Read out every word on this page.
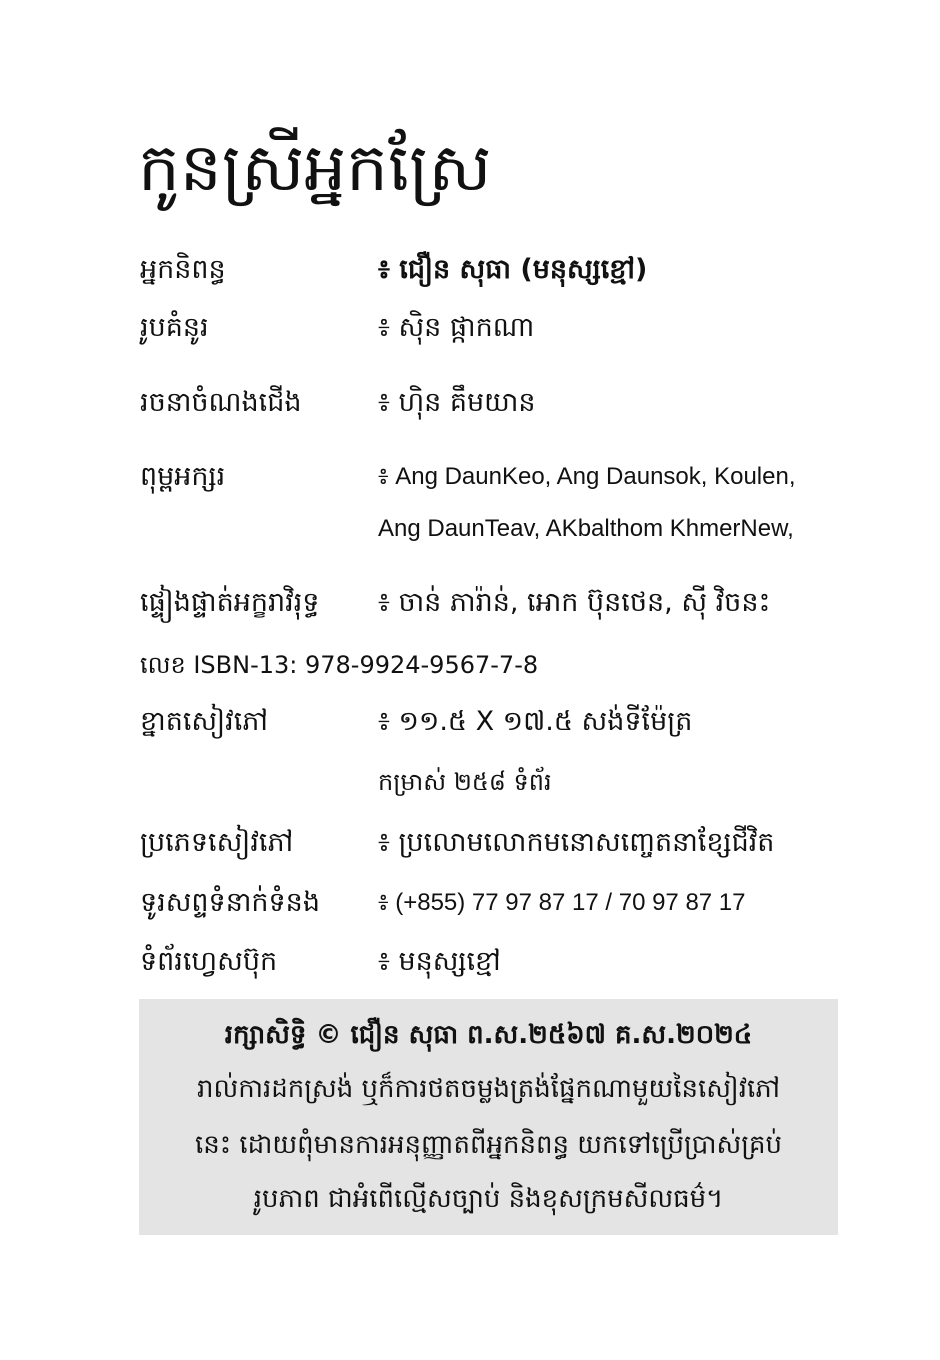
កូនស្រីអ្នកស្រែ
អ្នកនិពន្ធ	៖ ជឿន សុធា (មនុស្សខ្មៅ)
រូបគំនូរ	៖ ស៊ិន ផ្កាកណា
រចនាចំណងជើង	៖ ហ៊ិន គឹមយាន
ពុម្ពអក្សរ	៖ Ang DaunKeo, Ang Daunsok, Koulen,
Ang DaunTeav, AKbalthom KhmerNew,
ផ្ទៀងផ្ទាត់អក្ខរាវិរុទ្ធ ៖ ចាន់ ភារ៉ាន់, អោក ប៊ុនថេន, ស៊ី វិចនះ
លេខ ISBN-13: 978-9924-9567-7-8
ខ្នាតសៀវភៅ	៖ ១១.៥ X ១៧.៥ សង់ទីម៉ែត្រ
កម្រាស់ ២៥៨ ទំព័រ
ប្រភេទសៀវភៅ	៖ ប្រលោមលោកមនោសញ្ចេតនាខ្សែជីវិត
ទូរសព្ទទំនាក់ទំនង ៖ (+855) 77 97 87 17 / 70 97 87 17
ទំព័រហ្វេសប៊ុក	៖ មនុស្សខ្មៅ
រក្សាសិទ្ធិ © ជឿន សុធា ព.ស.២៥៦៧ គ.ស.២០២៤
រាល់ការដកស្រង់ ឬក៏ការថតចម្លងត្រង់ផ្នែកណាមួយនៃសៀវភៅ
នេះ ដោយពុំមានការអនុញ្ញាតពីអ្នកនិពន្ធ យកទៅប្រើប្រាស់គ្រប់
រូបភាព ជាអំពើល្មើសច្បាប់ និងខុសក្រមសីលធម៌។
